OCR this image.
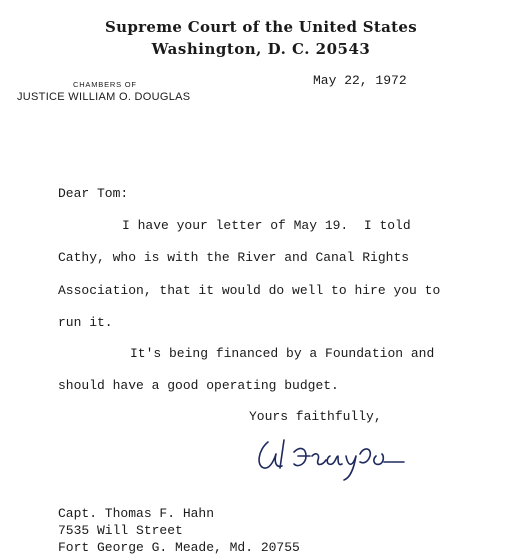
Supreme Court of the United States
Washington, D. C. 20543
CHAMBERS OF
JUSTICE WILLIAM O. DOUGLAS
May 22, 1972
Dear Tom:
I have your letter of May 19.  I told
Cathy, who is with the River and Canal Rights
Association, that it would do well to hire you to
run it.
It's being financed by a Foundation and
should have a good operating budget.
Yours faithfully,
Capt. Thomas F. Hahn
7535 Will Street
Fort George G. Meade, Md. 20755
